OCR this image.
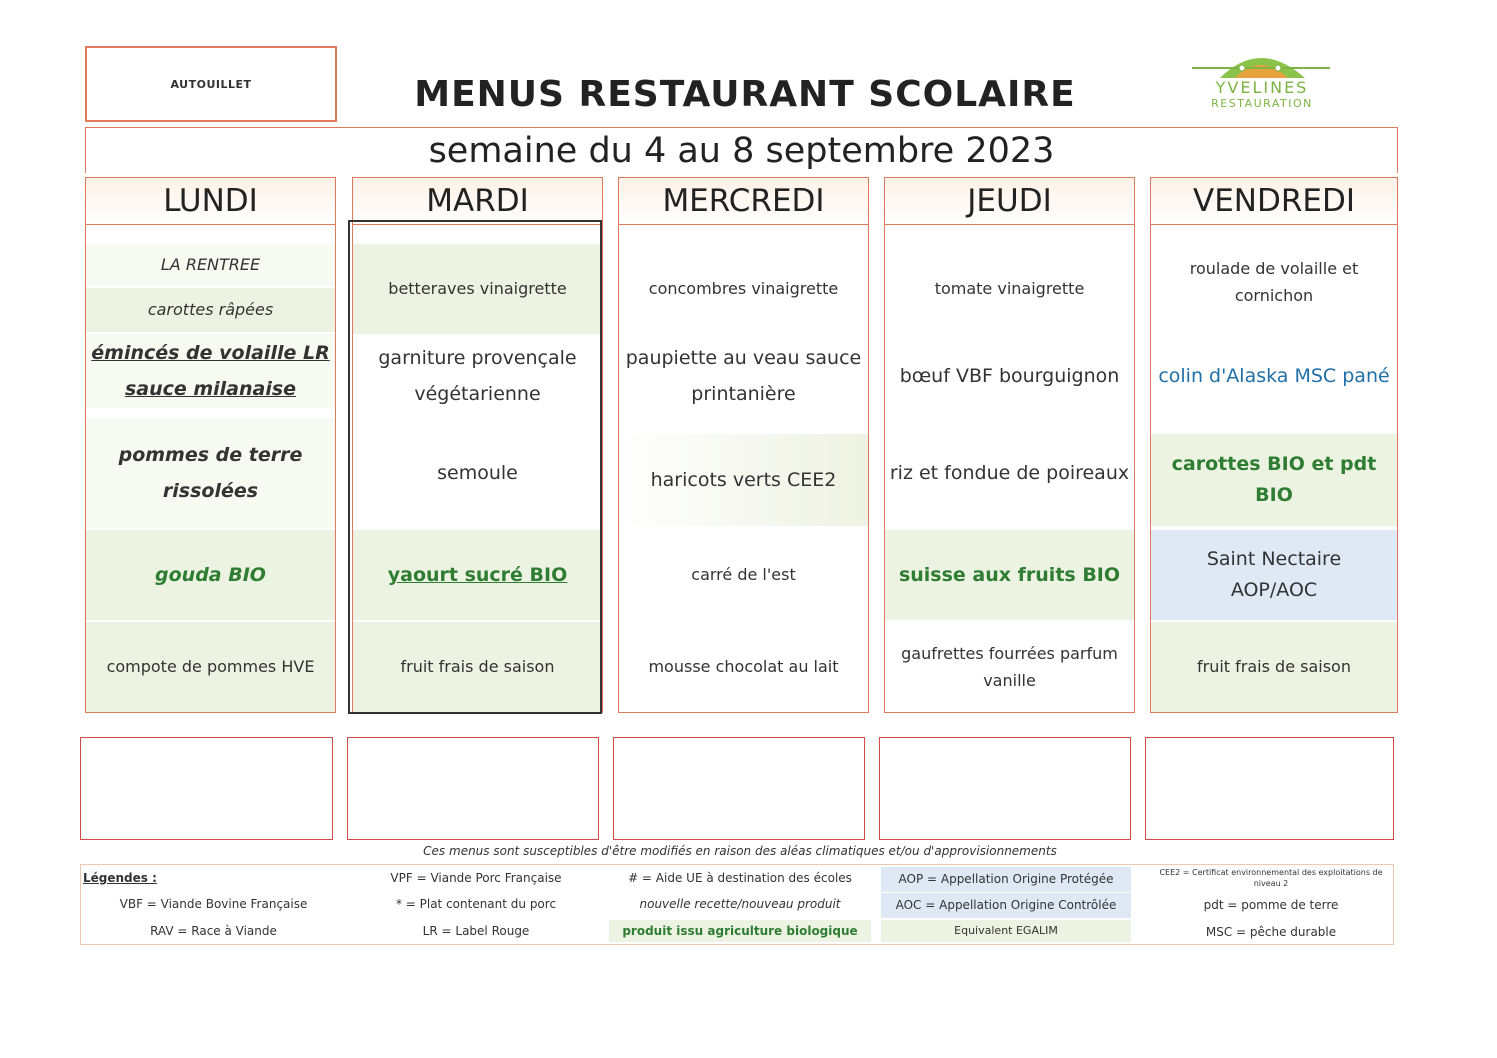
AUTOUILLET	MENUS RESTAURANT SCOLAIRE	YVELINES
RESTAURATION
semaine du 4 au 8 septembre 2023
LUNDI
LA RENTREE
carottes râpées
émincés de volaille LR
sauce milanaise
pommes de terre
rissolées
gouda BIO
compote de pommes HVE
MARDI
betteraves vinaigrette
garniture provençale
végétarienne
semoule
yaourt sucré BIO
fruit frais de saison
MERCREDI
concombres vinaigrette
paupiette au veau sauce
printanière
haricots verts CEE2
carré de l'est
mousse chocolat au lait
JEUDI
tomate vinaigrette
bœuf VBF bourguignon
riz et fondue de poireaux
suisse aux fruits BIO
gaufrettes fourrées parfum
vanille
VENDREDI
roulade de volaille et
cornichon
colin d'Alaska MSC pané
carottes BIO et pdt
BIO
Saint Nectaire
AOP/AOC
fruit frais de saison
Ces menus sont susceptibles d'être modifiés en raison des aléas climatiques et/ou d'approvisionnements
Légendes :
VBF = Viande Bovine Française
RAV = Race à Viande
VPF = Viande Porc Française
* = Plat contenant du porc
LR = Label Rouge
# = Aide UE à destination des écoles
nouvelle recette/nouveau produit
produit issu agriculture biologique
AOP = Appellation Origine Protégée
AOC = Appellation Origine Contrôlée
Equivalent EGALIM
CEE2 = Certificat environnemental des exploitations de niveau 2
pdt = pomme de terre
MSC = pêche durable
